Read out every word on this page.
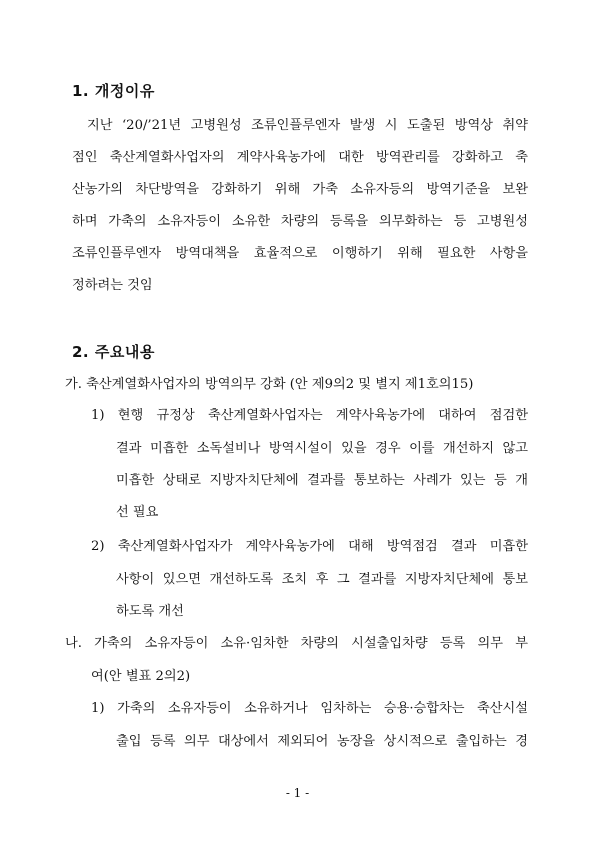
1. 개정이유
지난 ‘20/’21년 고병원성 조류인플루엔자 발생 시 도출된 방역상 취약
점인 축산계열화사업자의 계약사육농가에 대한 방역관리를 강화하고 축
산농가의 차단방역을 강화하기 위해 가축 소유자등의 방역기준을 보완
하며 가축의 소유자등이 소유한 차량의 등록을 의무화하는 등 고병원성
조류인플루엔자 방역대책을 효율적으로 이행하기 위해 필요한 사항을
정하려는 것임
2. 주요내용
가. 축산계열화사업자의 방역의무 강화 (안 제9의2 및 별지 제1호의15)
1) 현행 규정상 축산계열화사업자는 계약사육농가에 대하여 점검한
결과 미흡한 소독설비나 방역시설이 있을 경우 이를 개선하지 않고
미흡한 상태로 지방자치단체에 결과를 통보하는 사례가 있는 등 개
선 필요
2) 축산계열화사업자가 계약사육농가에 대해 방역점검 결과 미흡한
사항이 있으면 개선하도록 조치 후 그 결과를 지방자치단체에 통보
하도록 개선
나. 가축의 소유자등이 소유·임차한 차량의 시설출입차량 등록 의무 부
여(안 별표 2의2)
1) 가축의 소유자등이 소유하거나 임차하는 승용·승합차는 축산시설
출입 등록 의무 대상에서 제외되어 농장을 상시적으로 출입하는 경
- 1 -
